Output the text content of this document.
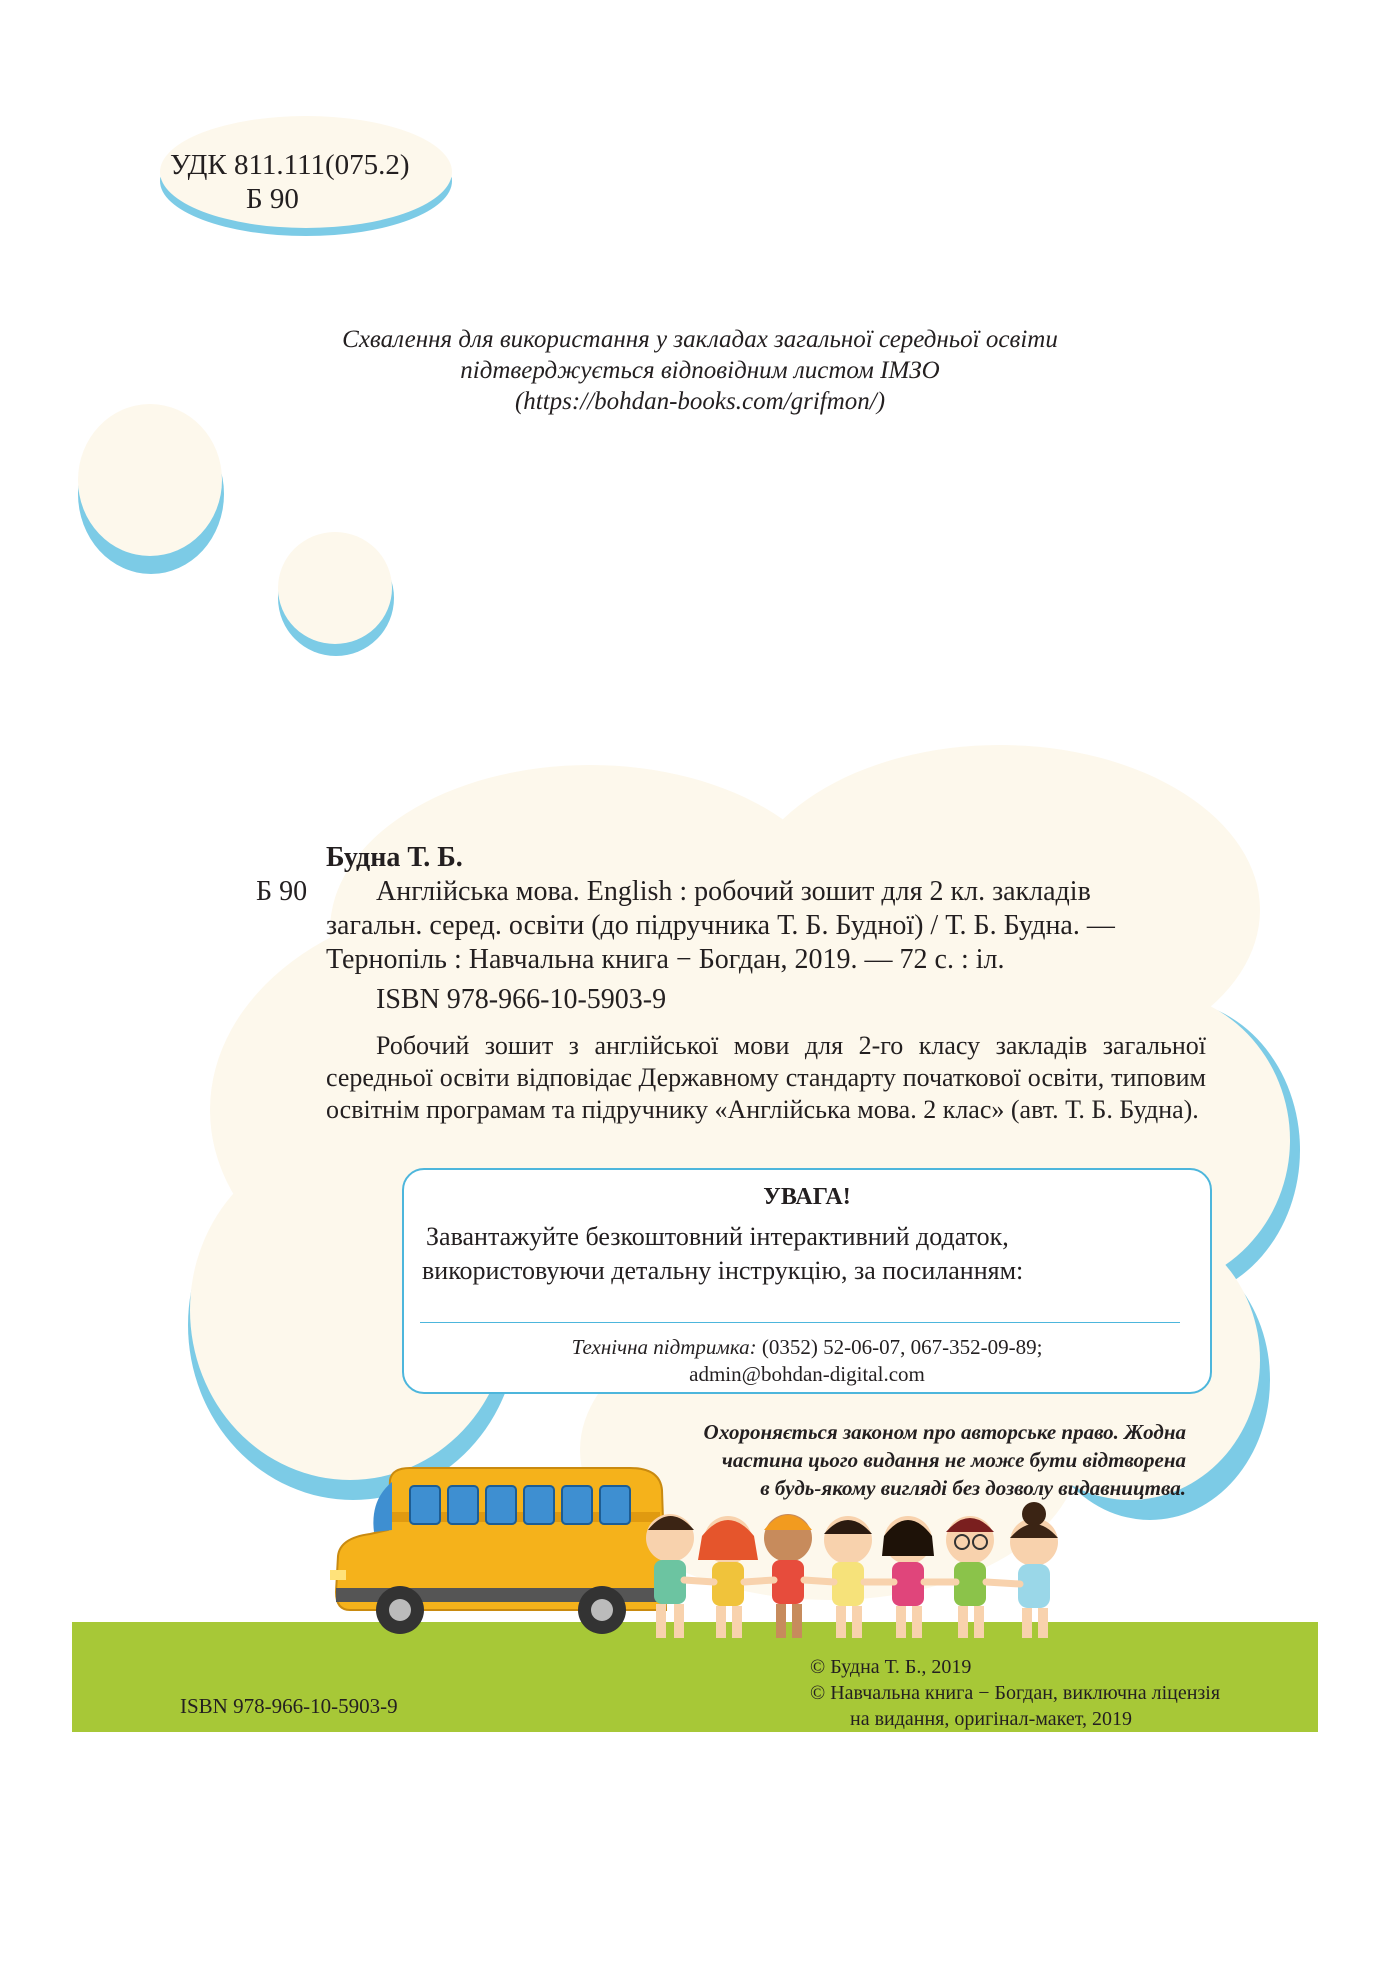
УДК 811.111(075.2)
Б 90
Схвалення для використання у закладах загальної середньої освіти
підтверджується відповідним листом ІМЗО
(https://bohdan-books.com/grifmon/)
Будна Т. Б.
Б 90 Англійська мова. English : робочий зошит для 2 кл. закладів
загальн. серед. освіти (до підручника Т. Б. Будної) / Т. Б. Будна. —
Тернопіль : Навчальна книга − Богдан, 2019. — 72 с. : іл.
ISBN 978-966-10-5903-9
Робочий зошит з англійської мови для 2-го класу закладів загальної середньої освіти відповідає Державному стандарту початкової освіти, типовим освітнім програмам та підручнику «Англійська мова. 2 клас» (авт. Т. Б. Будна).
УВАГА!
Завантажуйте безкоштовний інтерактивний додаток,
використовуючи детальну інструкцію, за посиланням:
Технічна підтримка: (0352) 52-06-07, 067-352-09-89;
admin@bohdan-digital.com
Охороняється законом про авторське право. Жодна
частина цього видання не може бути відтворена
в будь-якому вигляді без дозволу видавництва.
ISBN 978-966-10-5903-9
© Будна Т. Б., 2019
© Навчальна книга − Богдан, виключна ліцензія
на видання, оригінал-макет, 2019
